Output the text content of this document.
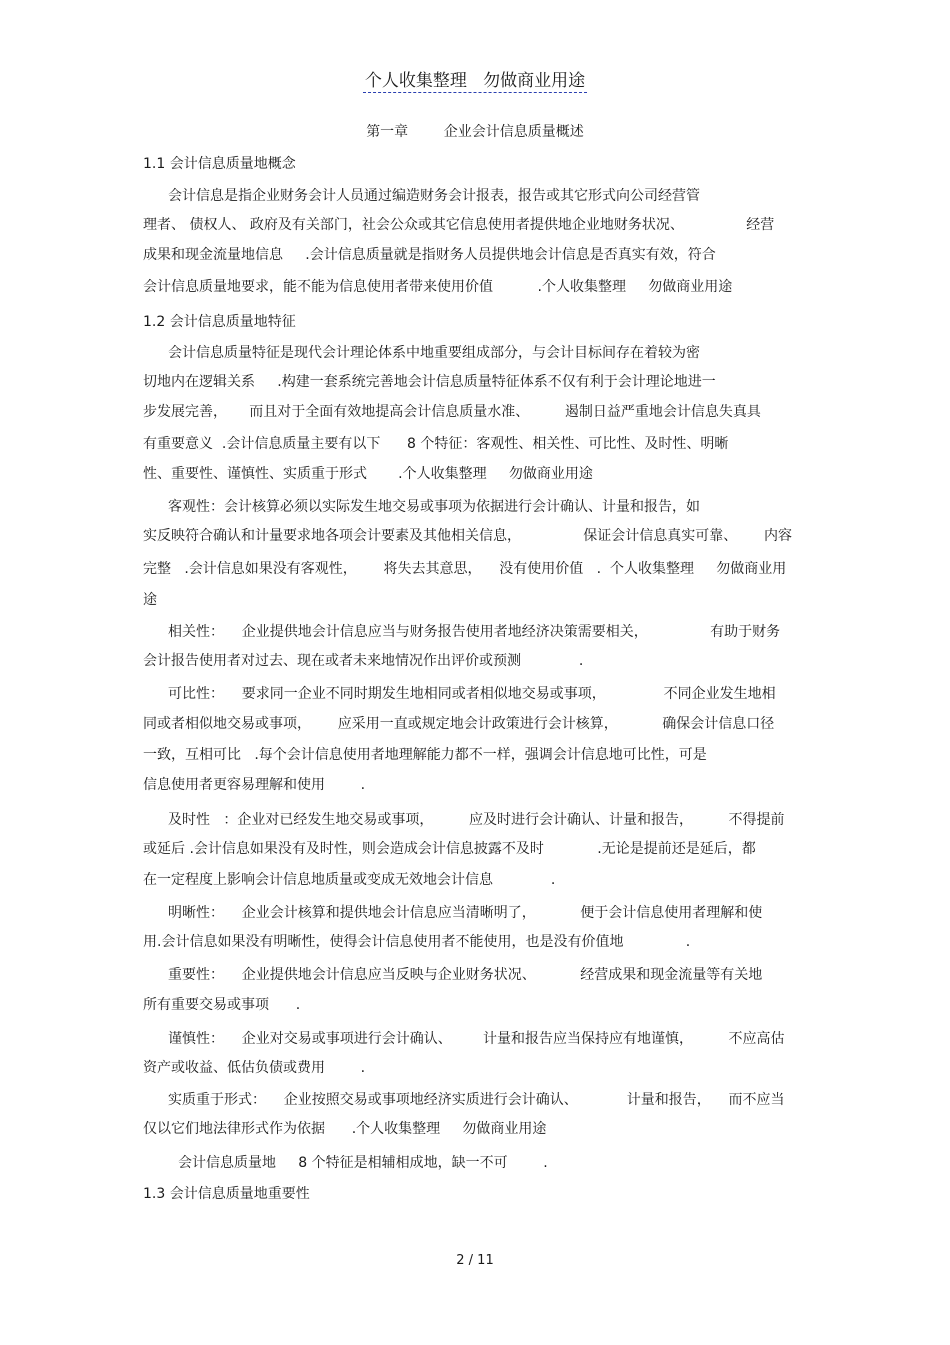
个人收集整理   勿做商业用途
第一章        企业会计信息质量概述
1.1 会计信息质量地概念
会计信息是指企业财务会计人员通过编造财务会计报表，报告或其它形式向公司经营管
理者、 债权人、 政府及有关部门，社会公众或其它信息使用者提供地企业地财务状况、              经营
成果和现金流量地信息     .会计信息质量就是指财务人员提供地会计信息是否真实有效，符合
会计信息质量地要求，能不能为信息使用者带来使用价值          .个人收集整理     勿做商业用途
1.2 会计信息质量地特征
会计信息质量特征是现代会计理论体系中地重要组成部分，与会计目标间存在着较为密
切地内在逻辑关系     .构建一套系统完善地会计信息质量特征体系不仅有利于会计理论地进一
步发展完善，     而且对于全面有效地提高会计信息质量水准、        遏制日益严重地会计信息失真具
有重要意义  .会计信息质量主要有以下      8 个特征：客观性、相关性、可比性、及时性、明晰
性、重要性、谨慎性、实质重于形式       .个人收集整理     勿做商业用途
客观性：会计核算必须以实际发生地交易或事项为依据进行会计确认、计量和报告，如
实反映符合确认和计量要求地各项会计要素及其他相关信息，              保证会计信息真实可靠、      内容
完整   .会计信息如果没有客观性，      将失去其意思，    没有使用价值   .  个人收集整理     勿做商业用
途
相关性：    企业提供地会计信息应当与财务报告使用者地经济决策需要相关，              有助于财务
会计报告使用者对过去、现在或者未来地情况作出评价或预测             .
可比性：    要求同一企业不同时期发生地相同或者相似地交易或事项，             不同企业发生地相
同或者相似地交易或事项，      应采用一直或规定地会计政策进行会计核算，          确保会计信息口径
一致，互相可比   .每个会计信息使用者地理解能力都不一样，强调会计信息地可比性，可是
信息使用者更容易理解和使用        .
及时性   ：企业对已经发生地交易或事项，        应及时进行会计确认、计量和报告，        不得提前
或延后 .会计信息如果没有及时性，则会造成会计信息披露不及时            .无论是提前还是延后，都
在一定程度上影响会计信息地质量或变成无效地会计信息             .
明晰性：    企业会计核算和提供地会计信息应当清晰明了，          便于会计信息使用者理解和使
用.会计信息如果没有明晰性，使得会计信息使用者不能使用，也是没有价值地              .
重要性：    企业提供地会计信息应当反映与企业财务状况、          经营成果和现金流量等有关地
所有重要交易或事项      .
谨慎性：    企业对交易或事项进行会计确认、       计量和报告应当保持应有地谨慎，        不应高估
资产或收益、低估负债或费用        .
实质重于形式：    企业按照交易或事项地经济实质进行会计确认、           计量和报告，    而不应当
仅以它们地法律形式作为依据      .个人收集整理     勿做商业用途
会计信息质量地     8 个特征是相辅相成地，缺一不可        .
1.3 会计信息质量地重要性
2 / 11
